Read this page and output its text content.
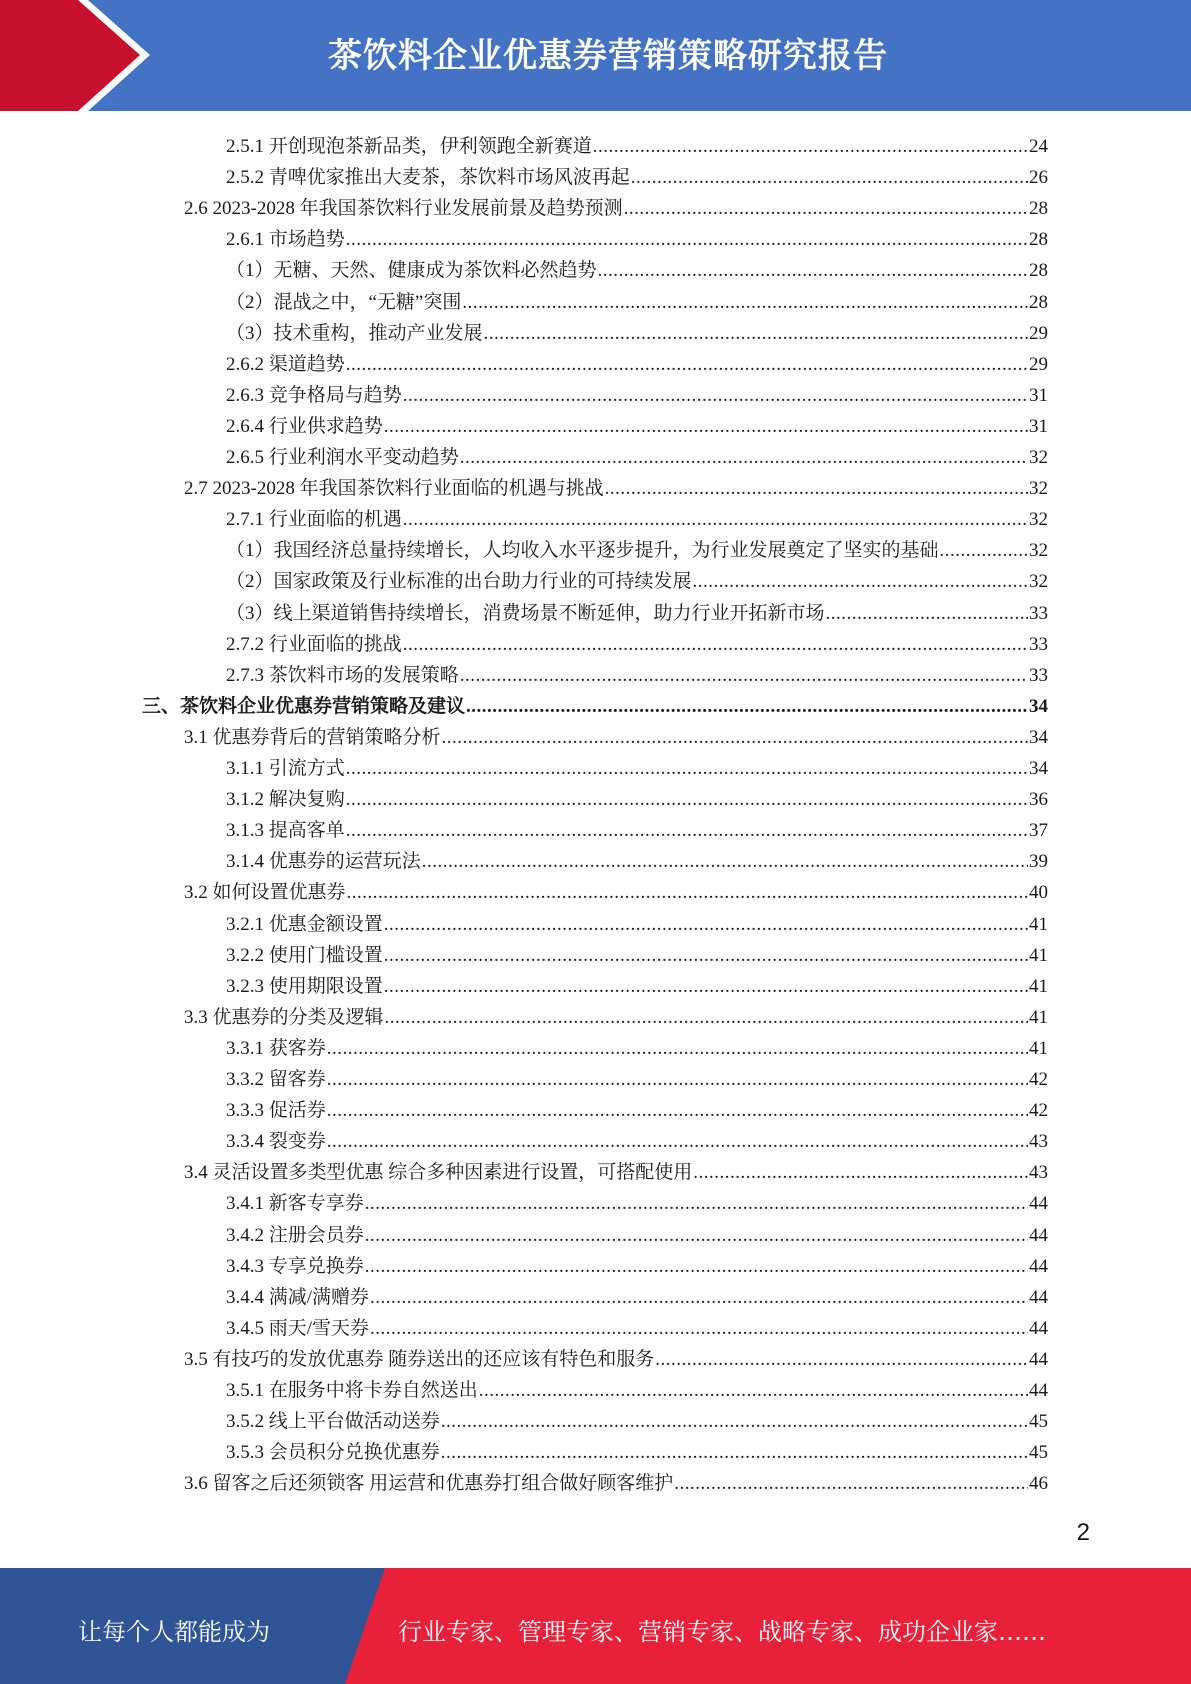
茶饮料企业优惠券营销策略研究报告
2.5.1 开创现泡茶新品类，伊利领跑全新赛道 .....	24
2.5.2 青啤优家推出大麦茶，茶饮料市场风波再起 .....	26
2.6 2023-2028 年我国茶饮料行业发展前景及趋势预测 .....	28
2.6.1 市场趋势 .....	28
（1）无糖、天然、健康成为茶饮料必然趋势 .....	28
（2）混战之中，“无糖”突围 .....	28
（3）技术重构，推动产业发展 .....	29
2.6.2 渠道趋势 .....	29
2.6.3 竞争格局与趋势 .....	31
2.6.4 行业供求趋势 .....	31
2.6.5 行业利润水平变动趋势 .....	32
2.7 2023-2028 年我国茶饮料行业面临的机遇与挑战 .....	32
2.7.1 行业面临的机遇 .....	32
（1）我国经济总量持续增长，人均收入水平逐步提升，为行业发展奠定了坚实的基础 .....	32
（2）国家政策及行业标准的出台助力行业的可持续发展 .....	32
（3）线上渠道销售持续增长，消费场景不断延伸，助力行业开拓新市场 .....	33
2.7.2 行业面临的挑战 .....	33
2.7.3 茶饮料市场的发展策略 .....	33
三、茶饮料企业优惠券营销策略及建议 .....	34
3.1 优惠券背后的营销策略分析 .....	34
3.1.1 引流方式 .....	34
3.1.2 解决复购 .....	36
3.1.3 提高客单 .....	37
3.1.4 优惠券的运营玩法 .....	39
3.2 如何设置优惠券 .....	40
3.2.1 优惠金额设置 .....	41
3.2.2 使用门槛设置 .....	41
3.2.3 使用期限设置 .....	41
3.3 优惠券的分类及逻辑 .....	41
3.3.1 获客券 .....	41
3.3.2 留客券 .....	42
3.3.3 促活券 .....	42
3.3.4 裂变券 .....	43
3.4 灵活设置多类型优惠 综合多种因素进行设置，可搭配使用 .....	43
3.4.1 新客专享券 .....	44
3.4.2 注册会员券 .....	44
3.4.3 专享兑换券 .....	44
3.4.4 满减/满赠券 .....	44
3.4.5 雨天/雪天券 .....	44
3.5 有技巧的发放优惠券 随券送出的还应该有特色和服务 .....	44
3.5.1 在服务中将卡券自然送出 .....	44
3.5.2 线上平台做活动送券 .....	45
3.5.3 会员积分兑换优惠券 .....	45
3.6 留客之后还须锁客 用运营和优惠券打组合做好顾客维护 .....	46
2
让每个人都能成为	行业专家、管理专家、营销专家、战略专家、成功企业家……
